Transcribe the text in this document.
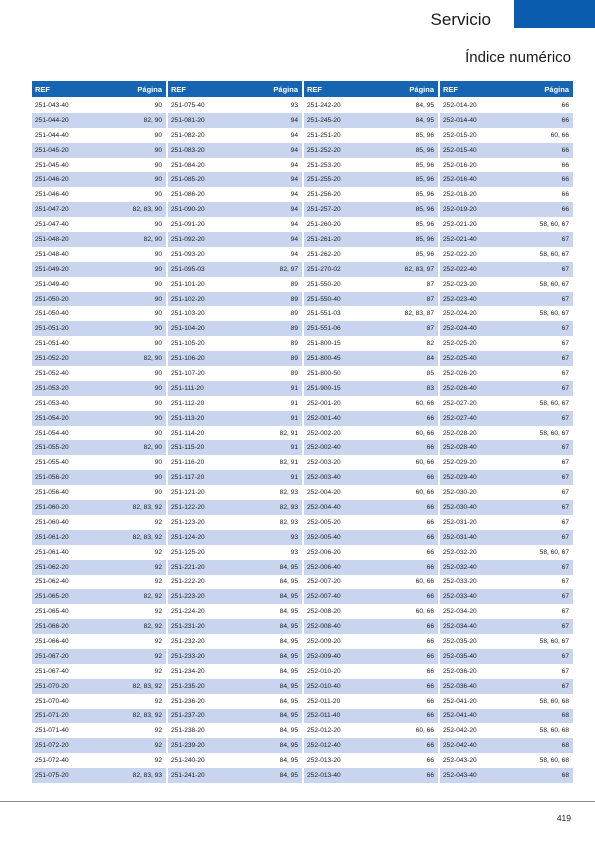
Servicio
Índice numérico
REF	Página
251-043-40	90
251-044-20	82, 90
251-044-40	90
251-045-20	90
251-045-40	90
251-046-20	90
251-046-40	90
251-047-20	82, 83, 90
251-047-40	90
251-048-20	82, 90
251-048-40	90
251-049-20	90
251-049-40	90
251-050-20	90
251-050-40	90
251-051-20	90
251-051-40	90
251-052-20	82, 90
251-052-40	90
251-053-20	90
251-053-40	90
251-054-20	90
251-054-40	90
251-055-20	82, 90
251-055-40	90
251-056-20	90
251-056-40	90
251-060-20	82, 83, 92
251-060-40	92
251-061-20	82, 83, 92
251-061-40	92
251-062-20	92
251-062-40	92
251-065-20	82, 92
251-065-40	92
251-066-20	82, 92
251-066-40	92
251-067-20	92
251-067-40	92
251-070-20	82, 83, 92
251-070-40	92
251-071-20	82, 83, 92
251-071-40	92
251-072-20	92
251-072-40	92
251-075-20	82, 83, 93
REF	Página
251-075-40	93
251-081-20	94
251-082-20	94
251-083-20	94
251-084-20	94
251-085-20	94
251-086-20	94
251-090-20	94
251-091-20	94
251-092-20	94
251-093-20	94
251-095-03	82, 97
251-101-20	89
251-102-20	89
251-103-20	89
251-104-20	89
251-105-20	89
251-106-20	89
251-107-20	89
251-111-20	91
251-112-20	91
251-113-20	91
251-114-20	82, 91
251-115-20	91
251-116-20	82, 91
251-117-20	91
251-121-20	82, 93
251-122-20	82, 93
251-123-20	82, 93
251-124-20	93
251-125-20	93
251-221-20	84, 95
251-222-20	84, 95
251-223-20	84, 95
251-224-20	84, 95
251-231-20	84, 95
251-232-20	84, 95
251-233-20	84, 95
251-234-20	84, 95
251-235-20	84, 95
251-236-20	84, 95
251-237-20	84, 95
251-238-20	84, 95
251-239-20	84, 95
251-240-20	84, 95
251-241-20	84, 95
REF	Página
251-242-20	84, 95
251-245-20	84, 95
251-251-20	85, 96
251-252-20	85, 96
251-253-20	85, 96
251-255-20	85, 96
251-256-20	85, 96
251-257-20	85, 96
251-260-20	85, 96
251-261-20	85, 96
251-262-20	85, 96
251-270-02	82, 83, 97
251-550-20	87
251-550-40	87
251-551-03	82, 83, 87
251-551-06	87
251-800-15	82
251-800-45	84
251-800-50	85
251-900-15	83
252-001-20	60, 66
252-001-40	66
252-002-20	60, 66
252-002-40	66
252-003-20	60, 66
252-003-40	66
252-004-20	60, 66
252-004-40	66
252-005-20	66
252-005-40	66
252-006-20	66
252-006-40	66
252-007-20	60, 66
252-007-40	66
252-008-20	60, 66
252-008-40	66
252-009-20	66
252-009-40	66
252-010-20	66
252-010-40	66
252-011-20	66
252-011-40	66
252-012-20	60, 66
252-012-40	66
252-013-20	66
252-013-40	66
REF	Página
252-014-20	66
252-014-40	66
252-015-20	60, 66
252-015-40	66
252-016-20	66
252-016-40	66
252-018-20	66
252-019-20	66
252-021-20	58, 60, 67
252-021-40	67
252-022-20	58, 60, 67
252-022-40	67
252-023-20	58, 60, 67
252-023-40	67
252-024-20	58, 60, 67
252-024-40	67
252-025-20	67
252-025-40	67
252-026-20	67
252-026-40	67
252-027-20	58, 60, 67
252-027-40	67
252-028-20	58, 60, 67
252-028-40	67
252-029-20	67
252-029-40	67
252-030-20	67
252-030-40	67
252-031-20	67
252-031-40	67
252-032-20	58, 60, 67
252-032-40	67
252-033-20	67
252-033-40	67
252-034-20	67
252-034-40	67
252-035-20	58, 60, 67
252-035-40	67
252-036-20	67
252-036-40	67
252-041-20	58, 60, 68
252-041-40	68
252-042-20	58, 60, 68
252-042-40	68
252-043-20	58, 60, 68
252-043-40	68
419
